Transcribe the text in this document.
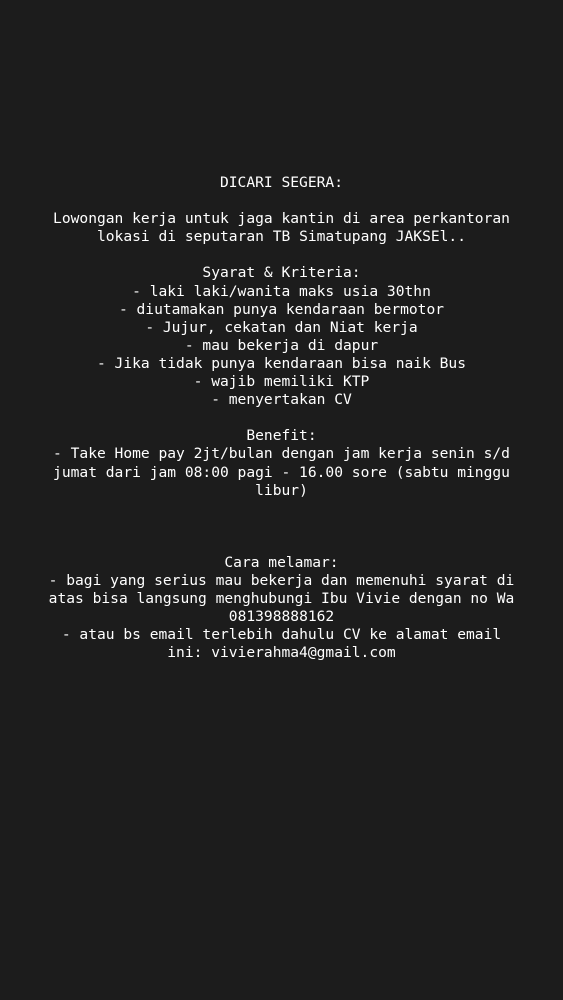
DICARI SEGERA:
Lowongan kerja untuk jaga kantin di area perkantoran
lokasi di seputaran TB Simatupang JAKSEl..
Syarat & Kriteria:
- laki laki/wanita maks usia 30thn
- diutamakan punya kendaraan bermotor
- Jujur, cekatan dan Niat kerja
- mau bekerja di dapur
- Jika tidak punya kendaraan bisa naik Bus
- wajib memiliki KTP
- menyertakan CV
Benefit:
- Take Home pay 2jt/bulan dengan jam kerja senin s/d
jumat dari jam 08:00 pagi - 16.00 sore (sabtu minggu
libur)
Cara melamar:
- bagi yang serius mau bekerja dan memenuhi syarat di
atas bisa langsung menghubungi Ibu Vivie dengan no Wa
081398888162
- atau bs email terlebih dahulu CV ke alamat email
ini: vivierahma4@gmail.com
